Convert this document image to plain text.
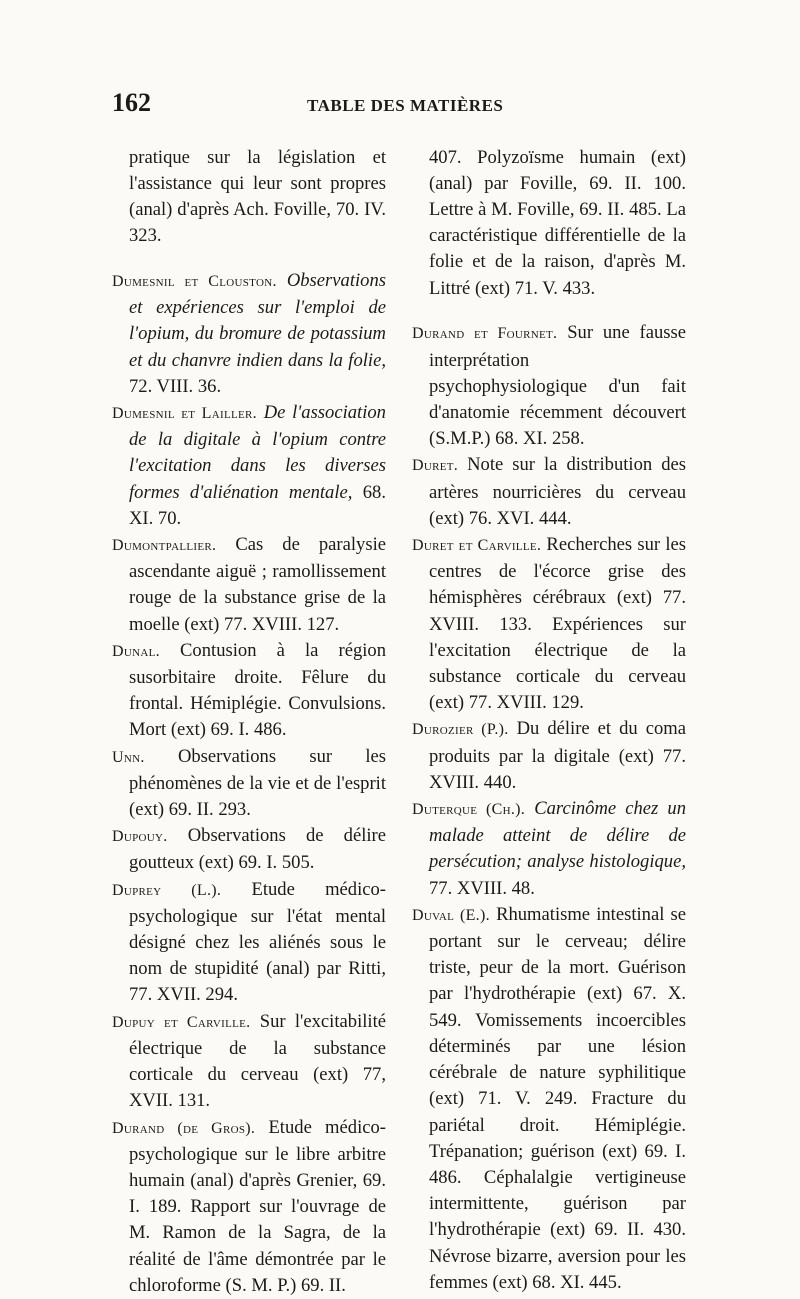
162	TABLE DES MATIÈRES

pratique sur la législation et l'assistance qui leur sont propres (anal) d'après Ach. Foville, 70. IV. 323.

Dumesnil et Clouston. Observations et expériences sur l'emploi de l'opium, du bromure de potassium et du chanvre indien dans la folie, 72. VIII. 36.

Dumesnil et Lailler. De l'association de la digitale à l'opium contre l'excitation dans les diverses formes d'aliénation mentale, 68. XI. 70.

Dumontpallier. Cas de paralysie ascendante aiguë ; ramollissement rouge de la substance grise de la moelle (ext) 77. XVIII. 127.

Dunal. Contusion à la région susorbitaire droite. Fêlure du frontal. Hémiplégie. Convulsions. Mort (ext) 69. I. 486.

Unn. Observations sur les phénomènes de la vie et de l'esprit (ext) 69. II. 293.

Dupouy. Observations de délire goutteux (ext) 69. I. 505.

Duprey (L.). Etude médico-psychologique sur l'état mental désigné chez les aliénés sous le nom de stupidité (anal) par Ritti, 77. XVII. 294.

Dupuy et Carville. Sur l'excitabilité électrique de la substance corticale du cerveau (ext) 77, XVII. 131.

Durand (de Gros). Etude médico-psychologique sur le libre arbitre humain (anal) d'après Grenier, 69. I. 189. Rapport sur l'ouvrage de M. Ramon de la Sagra, de la réalité de l'âme démontrée par le chloroforme (S. M. P.) 69. II.

407. Polyzoïsme humain (ext) (anal) par Foville, 69. II. 100. Lettre à M. Foville, 69. II. 485. La caractéristique différentielle de la folie et de la raison, d'après M. Littré (ext) 71. V. 433.

Durand et Fournet. Sur une fausse interprétation psychophysiologique d'un fait d'anatomie récemment découvert (S.M.P.) 68. XI. 258.

Duret. Note sur la distribution des artères nourricières du cerveau (ext) 76. XVI. 444.

Duret et Carville. Recherches sur les centres de l'écorce grise des hémisphères cérébraux (ext) 77. XVIII. 133. Expériences sur l'excitation électrique de la substance corticale du cerveau (ext) 77. XVIII. 129.

Durozier (P.). Du délire et du coma produits par la digitale (ext) 77. XVIII. 440.

Duterque (Ch.). Carcinôme chez un malade atteint de délire de persécution; analyse histologique, 77. XVIII. 48.

Duval (E.). Rhumatisme intestinal se portant sur le cerveau; délire triste, peur de la mort. Guérison par l'hydrothérapie (ext) 67. X. 549. Vomissements incoercibles déterminés par une lésion cérébrale de nature syphilitique (ext) 71. V. 249. Fracture du pariétal droit. Hémiplégie. Trépanation; guérison (ext) 69. I. 486. Céphalalgie vertigineuse intermittente, guérison par l'hydrothérapie (ext) 69. II. 430. Névrose bizarre, aversion pour les femmes (ext) 68. XI. 445.
